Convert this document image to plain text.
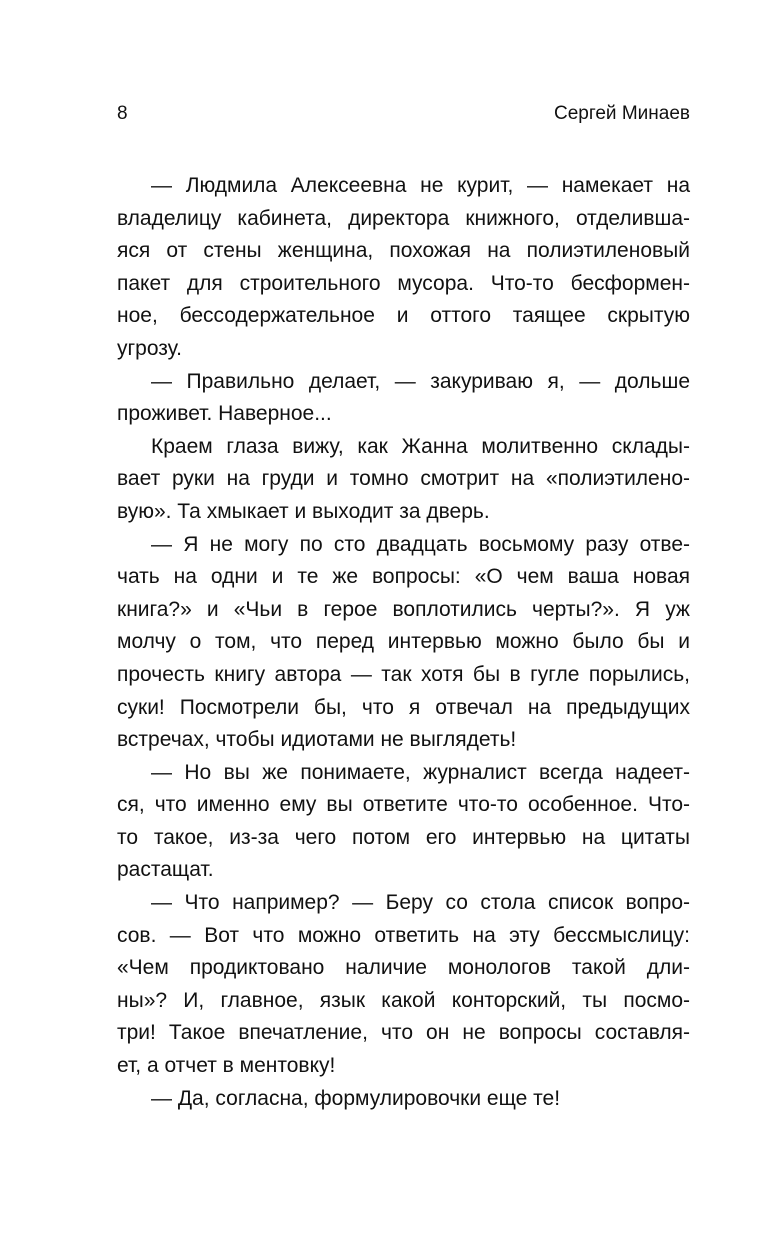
8	Сергей Минаев
— Людмила Алексеевна не курит, — намекает на
владелицу кабинета, директора книжного, отделившa-
яся от стены женщина, похожая на полиэтиленовый
пакет для строительного мусора. Что-то бесформен-
ное, бессодержательное и оттого таящее скрытую
угрозу.
— Правильно делает, — закуриваю я, — дольше
проживет. Наверное...
Краем глаза вижу, как Жанна молитвенно склады-
вает руки на груди и томно смотрит на «полиэтилено-
вую». Та хмыкает и выходит за дверь.
— Я не могу по сто двадцать восьмому разу отве-
чать на одни и те же вопросы: «О чем ваша новая
книга?» и «Чьи в герое воплотились черты?». Я уж
молчу о том, что перед интервью можно было бы и
прочесть книгу автора — так хотя бы в гугле порылись,
суки! Посмотрели бы, что я отвечал на предыдущих
встречах, чтобы идиотами не выглядеть!
— Но вы же понимаете, журналист всегда надеет-
ся, что именно ему вы ответите что-то особенное. Что-
то такое, из-за чего потом его интервью на цитаты
растащат.
— Что например? — Беру со стола список вопро-
сов. — Вот что можно ответить на эту бессмыслицу:
«Чем продиктовано наличие монологов такой дли-
ны»? И, главное, язык какой конторский, ты посмо-
три! Такое впечатление, что он не вопросы составля-
ет, а отчет в ментовку!
— Да, согласна, формулировочки еще те!
